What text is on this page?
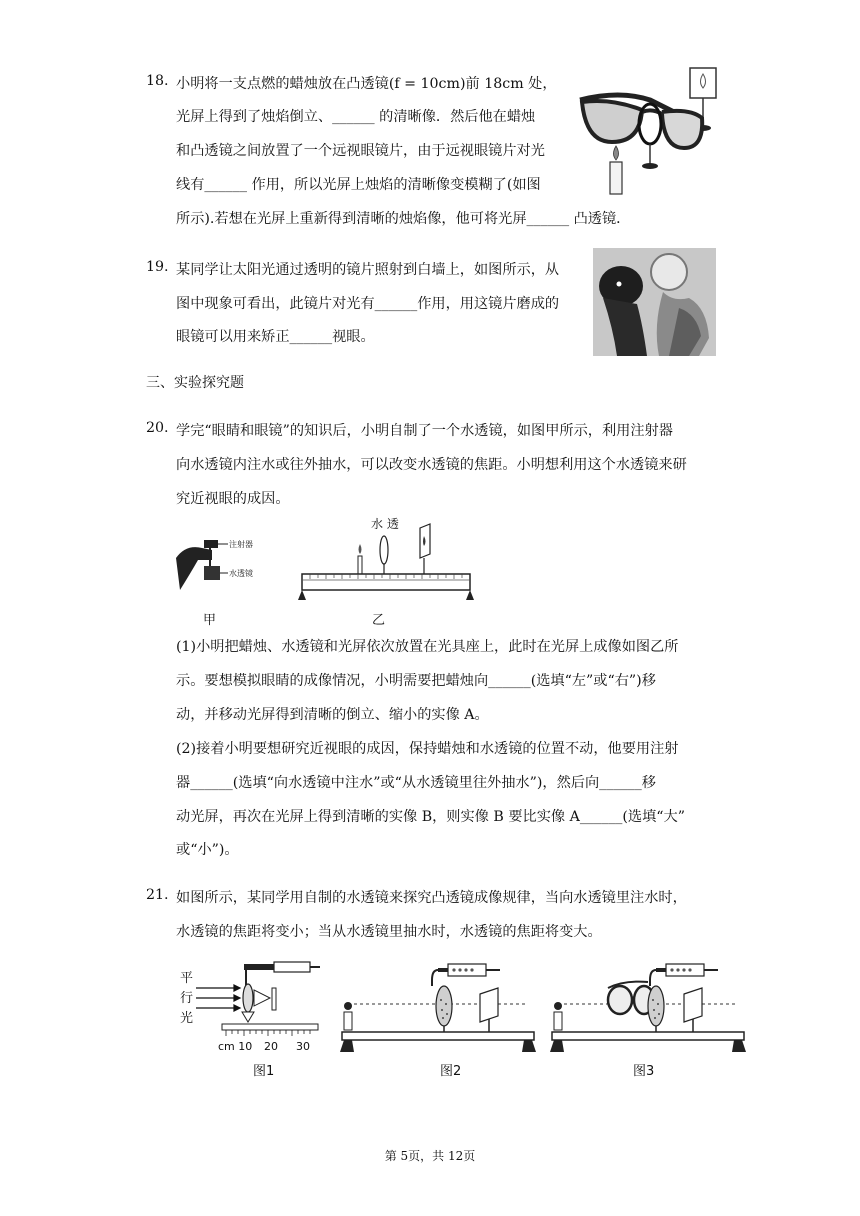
18. 小明将一支点燃的蜡烛放在凸透镜(f = 10cm)前 18cm 处，
光屏上得到了烛焰倒立、______ 的清晰像．然后他在蜡烛
和凸透镜之间放置了一个远视眼镜片，由于远视眼镜片对光
线有______ 作用，所以光屏上烛焰的清晰像变模糊了(如图
所示).若想在光屏上重新得到清晰的烛焰像，他可将光屏______ 凸透镜．
19. 某同学让太阳光通过透明的镜片照射到白墙上，如图所示，从
图中现象可看出，此镜片对光有______作用，用这镜片磨成的
眼镜可以用来矫正______视眼。
三、实验探究题
20. 学完“眼睛和眼镜”的知识后，小明自制了一个水透镜，如图甲所示，利用注射器
向水透镜内注水或往外抽水，可以改变水透镜的焦距。小明想利用这个水透镜来研
究近视眼的成因。
注射器
水透镜
甲
水 透
乙
(1)小明把蜡烛、水透镜和光屏依次放置在光具座上，此时在光屏上成像如图乙所
示。要想模拟眼睛的成像情况，小明需要把蜡烛向______(选填“左”或“右”)移
动，并移动光屏得到清晰的倒立、缩小的实像 A。
(2)接着小明要想研究近视眼的成因，保持蜡烛和水透镜的位置不动，他要用注射
器______(选填“向水透镜中注水”或“从水透镜里往外抽水”)，然后向______移
动光屏，再次在光屏上得到清晰的实像 B，则实像 B 要比实像 A______(选填“大”
或“小”)。
21. 如图所示，某同学用自制的水透镜来探究凸透镜成像规律，当向水透镜里注水时，
水透镜的焦距将变小；当从水透镜里抽水时，水透镜的焦距将变大。
平
行
光
cm 10 20 30
图1	图2	图3
第 5页，共 12页
